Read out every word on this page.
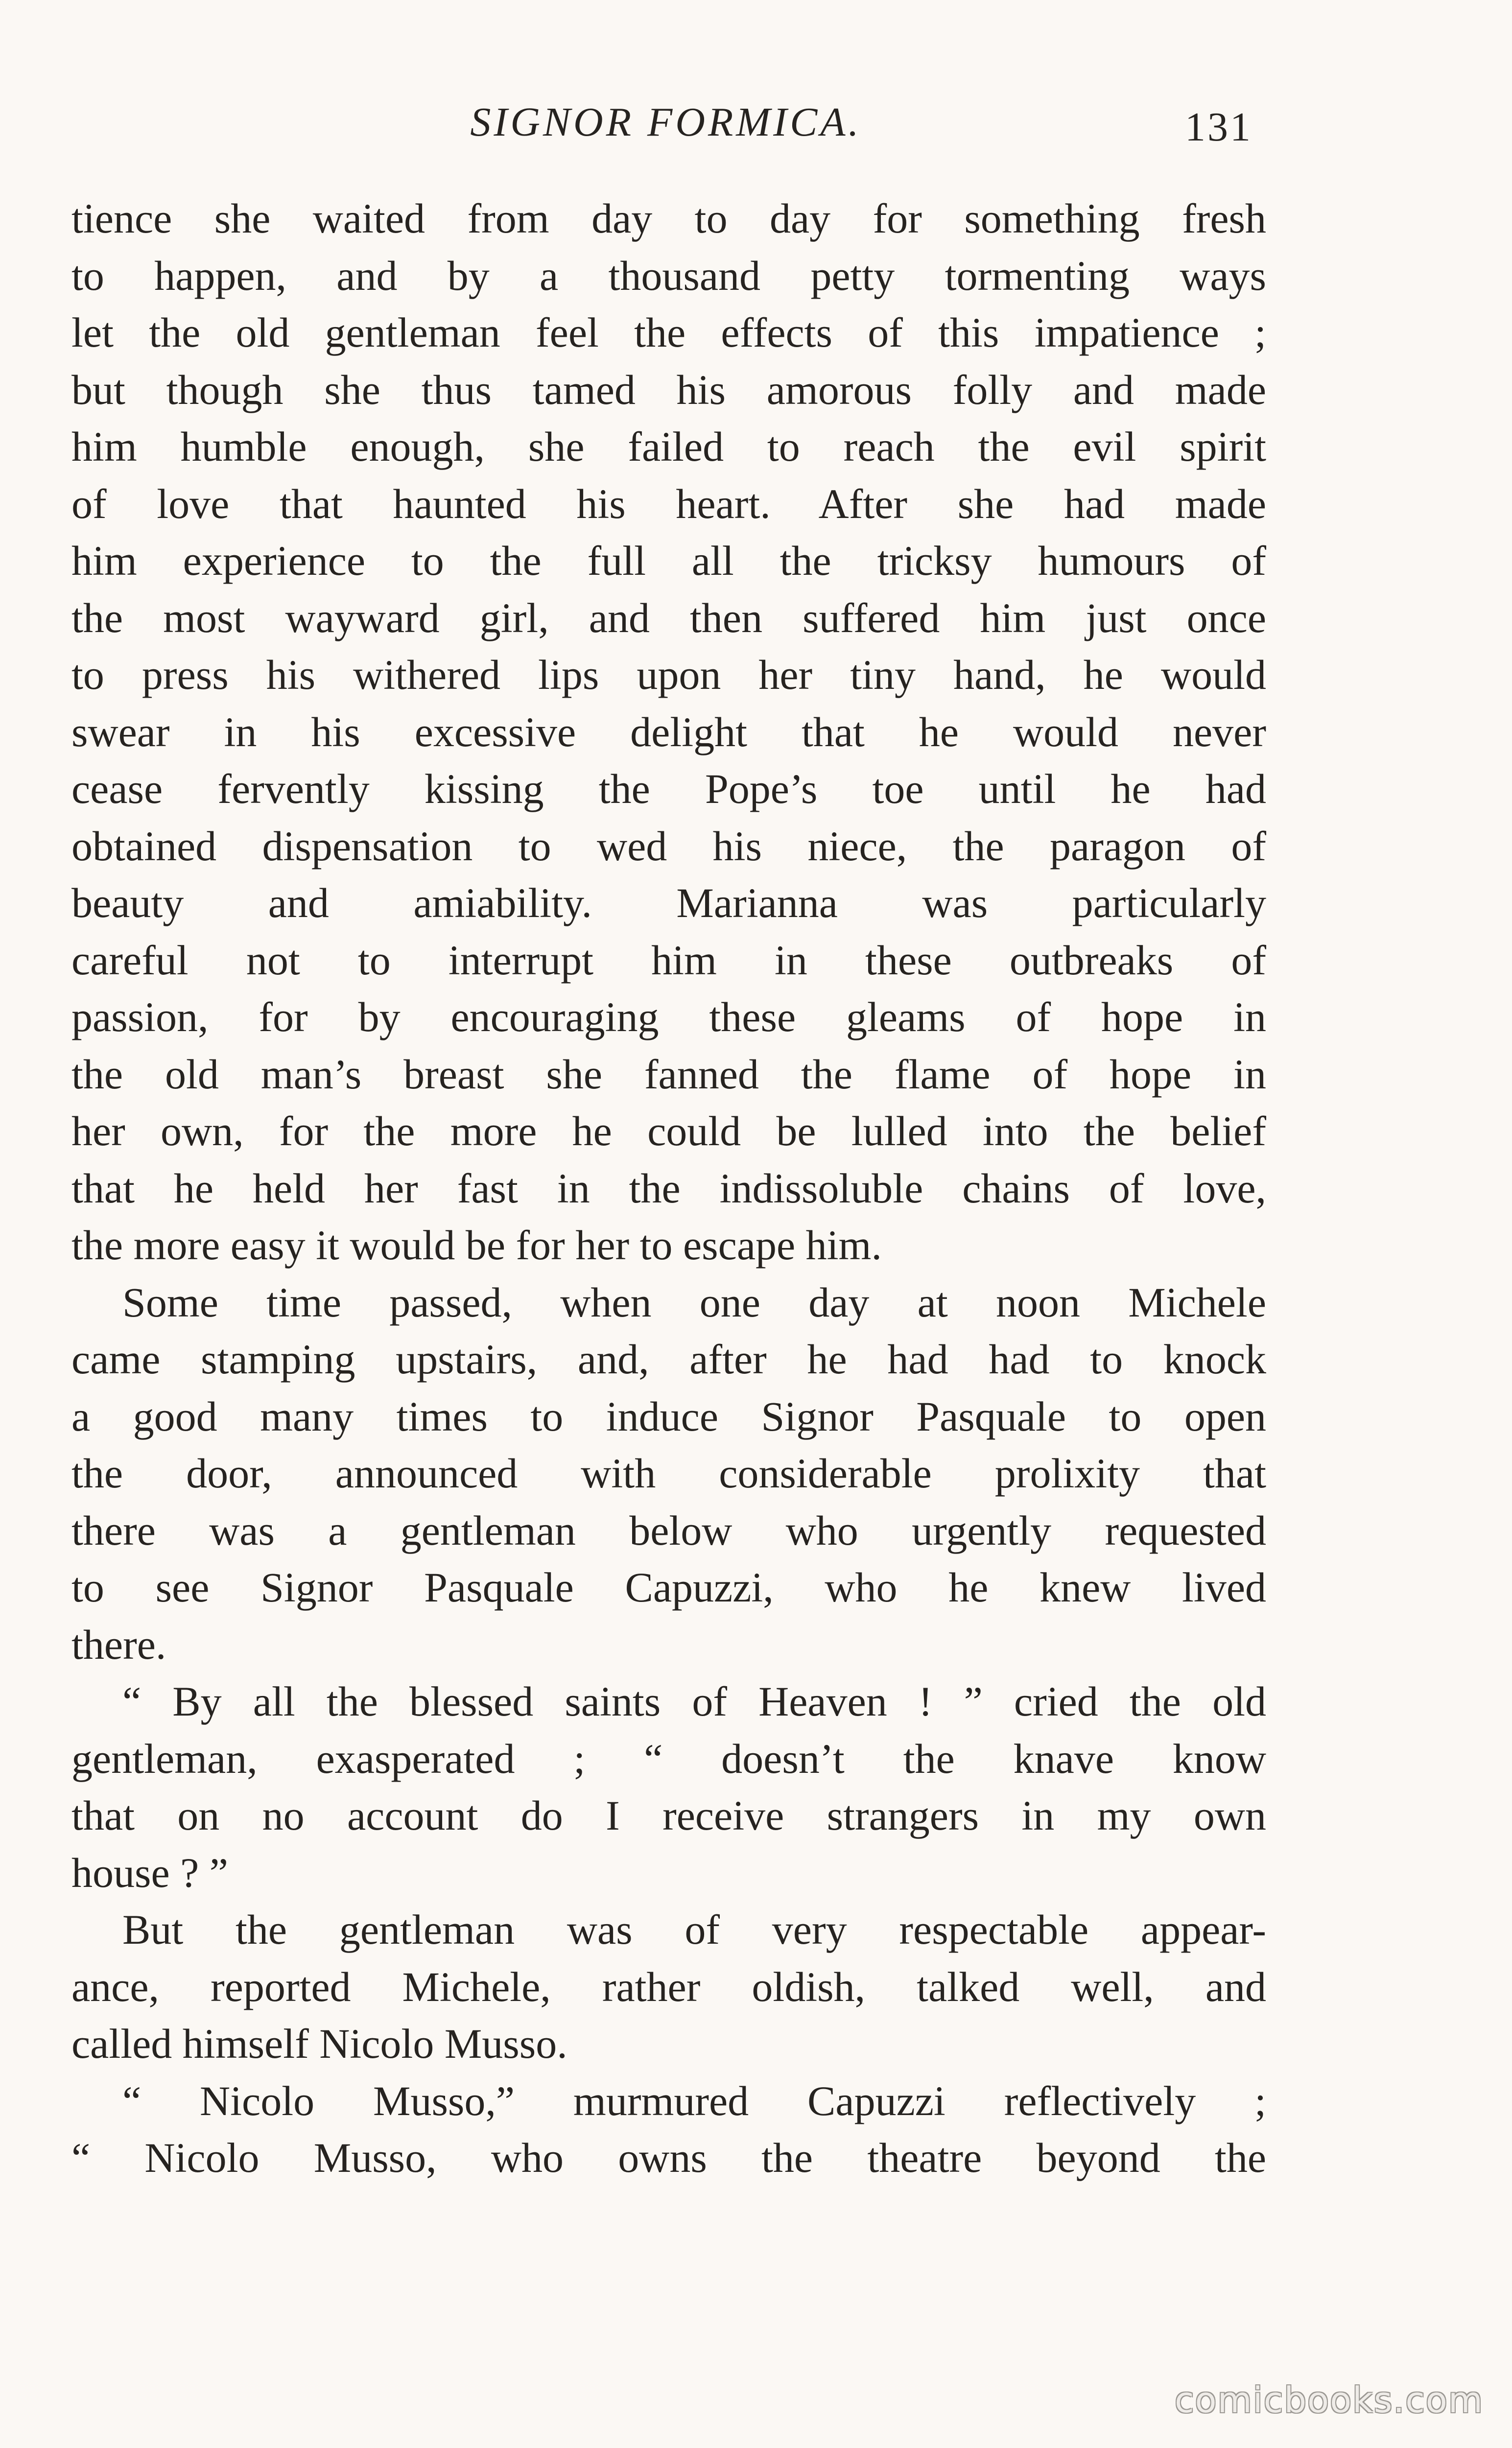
SIGNOR FORMICA.	131
tience she waited from day to day for something fresh
to happen, and by a thousand petty tormenting ways
let the old gentleman feel the effects of this impatience ;
but though she thus tamed his amorous folly and made
him humble enough, she failed to reach the evil spirit
of love that haunted his heart. After she had made
him experience to the full all the tricksy humours of
the most wayward girl, and then suffered him just once
to press his withered lips upon her tiny hand, he would
swear in his excessive delight that he would never
cease fervently kissing the Pope’s toe until he had
obtained dispensation to wed his niece, the paragon of
beauty and amiability. Marianna was particularly
careful not to interrupt him in these outbreaks of
passion, for by encouraging these gleams of hope in
the old man’s breast she fanned the flame of hope in
her own, for the more he could be lulled into the belief
that he held her fast in the indissoluble chains of love,
the more easy it would be for her to escape him.
Some time passed, when one day at noon Michele
came stamping upstairs, and, after he had had to knock
a good many times to induce Signor Pasquale to open
the door, announced with considerable prolixity that
there was a gentleman below who urgently requested
to see Signor Pasquale Capuzzi, who he knew lived
there.
“ By all the blessed saints of Heaven ! ” cried the old
gentleman, exasperated ; “ doesn’t the knave know
that on no account do I receive strangers in my own
house ? ”
But the gentleman was of very respectable appear-
ance, reported Michele, rather oldish, talked well, and
called himself Nicolo Musso.
“ Nicolo Musso,” murmured Capuzzi reflectively ;
“ Nicolo Musso, who owns the theatre beyond the
comicbooks.com
